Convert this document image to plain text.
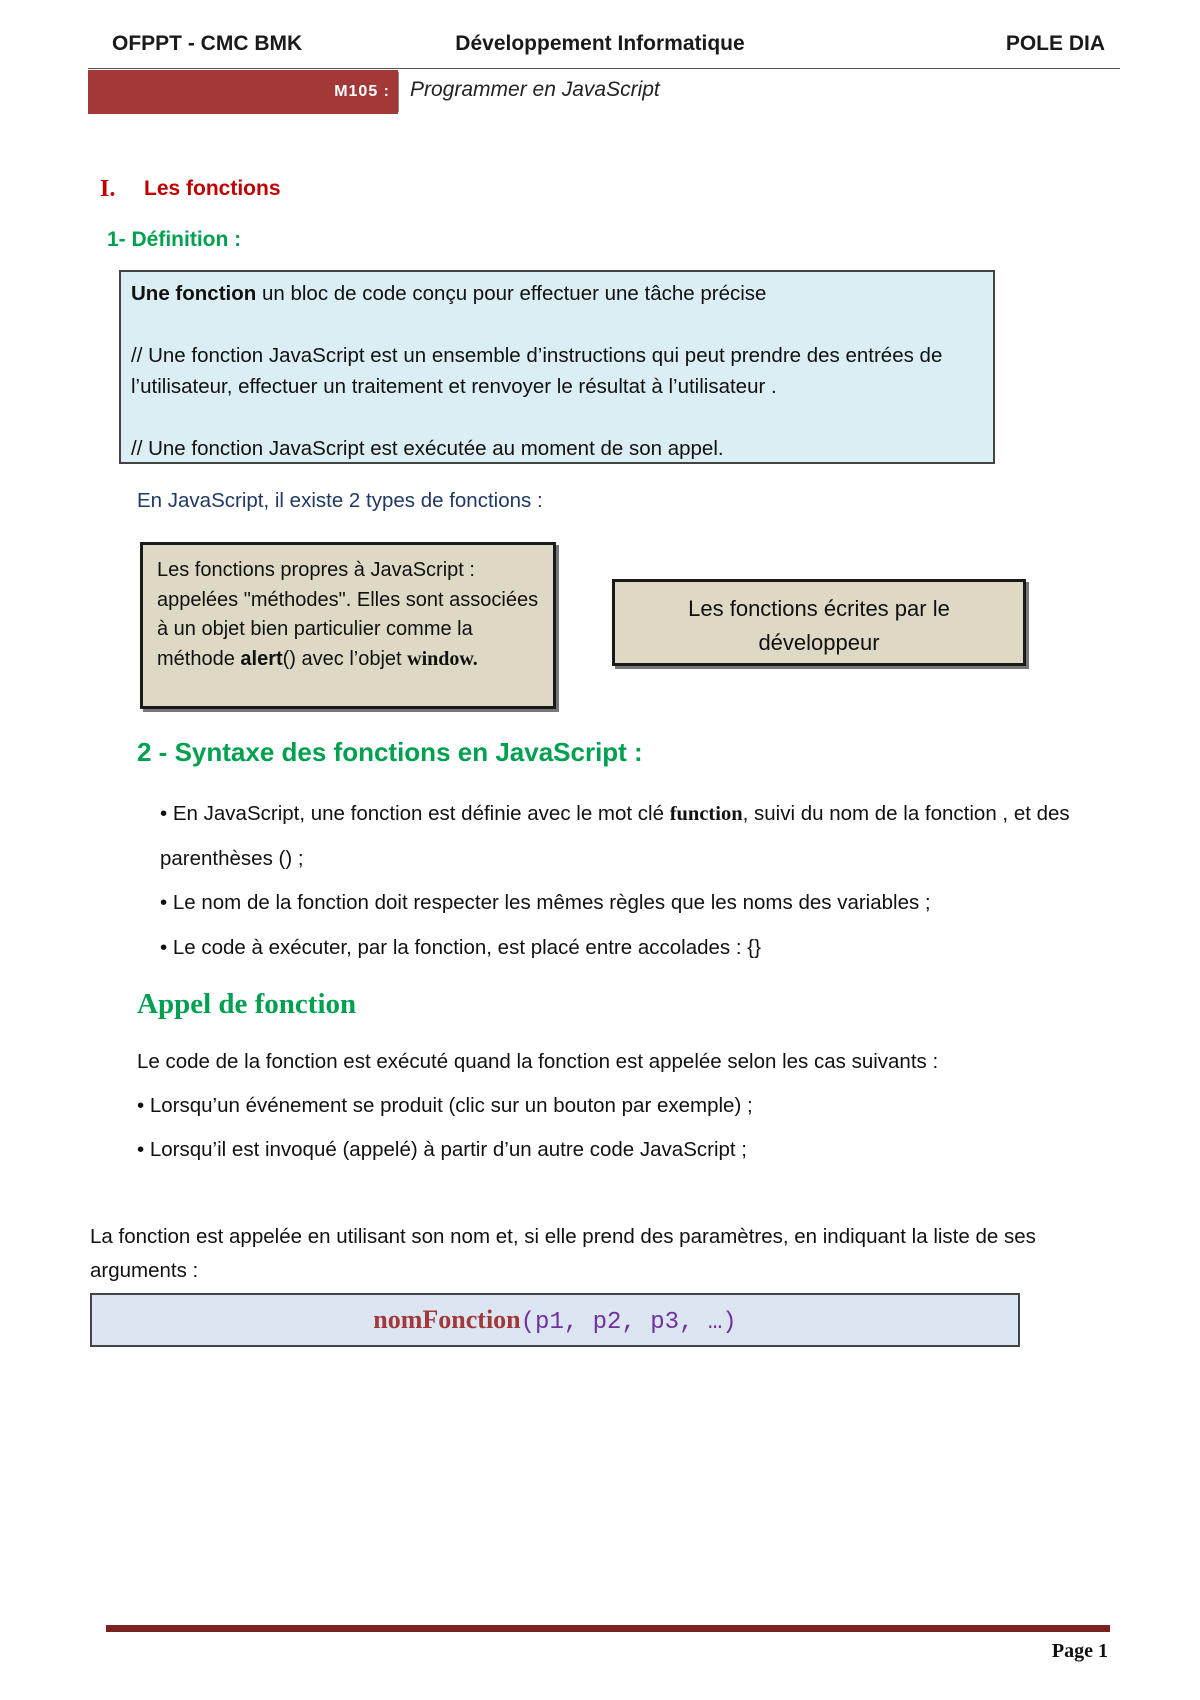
OFPPT - CMC BMK	Développement Informatique	POLE DIA
M105 : Programmer en JavaScript
I. Les fonctions
1- Définition :

Une fonction un bloc de code conçu pour effectuer une tâche précise

// Une fonction JavaScript est un ensemble d’instructions qui peut prendre des entrées de l’utilisateur, effectuer un traitement et renvoyer le résultat à l’utilisateur .

// Une fonction JavaScript est exécutée au moment de son appel.

En JavaScript, il existe 2 types de fonctions :
Les fonctions propres à JavaScript : appelées "méthodes". Elles sont associées à un objet bien particulier comme la méthode alert() avec l’objet window.
Les fonctions écrites par le développeur
2 - Syntaxe des fonctions en JavaScript :

• En JavaScript, une fonction est définie avec le mot clé function, suivi du nom de la fonction , et des parenthèses () ;

• Le nom de la fonction doit respecter les mêmes règles que les noms des variables ;

• Le code à exécuter, par la fonction, est placé entre accolades : {}

Appel de fonction

Le code de la fonction est exécuté quand la fonction est appelée selon les cas suivants :

• Lorsqu’un événement se produit (clic sur un bouton par exemple) ;

• Lorsqu’il est invoqué (appelé) à partir d’un autre code JavaScript ;

La fonction est appelée en utilisant son nom et, si elle prend des paramètres, en indiquant la liste de ses arguments :
nomFonction(p1, p2, p3, …)
Page 1
